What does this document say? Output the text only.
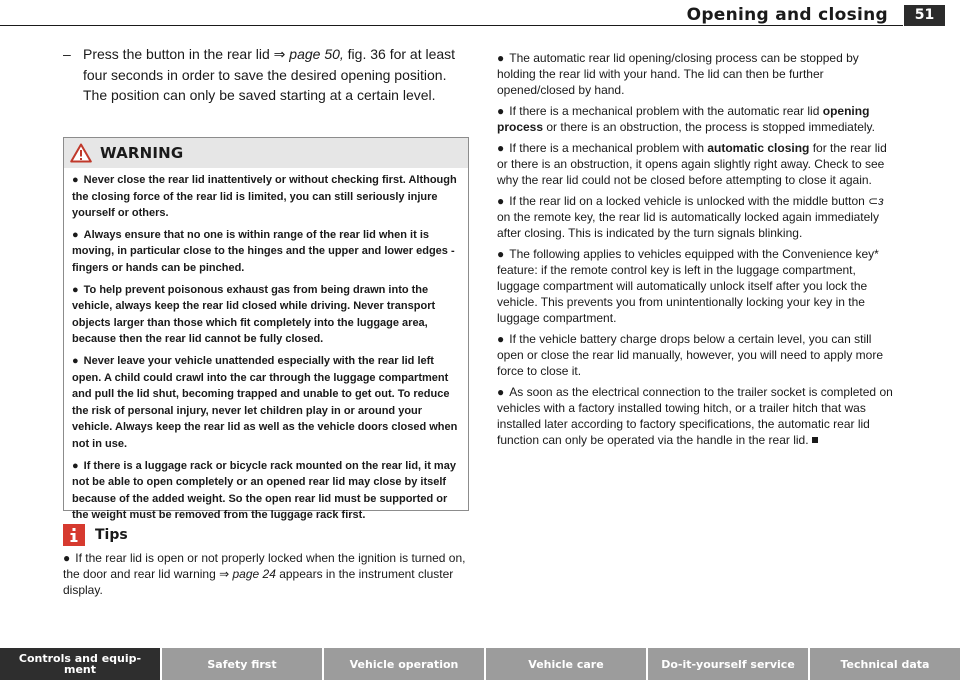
Opening and closing	51
– Press the button in the rear lid ⇒ page 50, fig. 36 for at least four seconds in order to save the desired opening position. The position can only be saved starting at a certain level.
WARNING
● Never close the rear lid inattentively or without checking first. Although the closing force of the rear lid is limited, you can still seriously injure yourself or others.
● Always ensure that no one is within range of the rear lid when it is moving, in particular close to the hinges and the upper and lower edges - fingers or hands can be pinched.
● To help prevent poisonous exhaust gas from being drawn into the vehicle, always keep the rear lid closed while driving. Never transport objects larger than those which fit completely into the luggage area, because then the rear lid cannot be fully closed.
● Never leave your vehicle unattended especially with the rear lid left open. A child could crawl into the car through the luggage compartment and pull the lid shut, becoming trapped and unable to get out. To reduce the risk of personal injury, never let children play in or around your vehicle. Always keep the rear lid as well as the vehicle doors closed when not in use.
● If there is a luggage rack or bicycle rack mounted on the rear lid, it may not be able to open completely or an opened rear lid may close by itself because of the added weight. So the open rear lid must be supported or the weight must be removed from the luggage rack first.
Tips
● If the rear lid is open or not properly locked when the ignition is turned on, the door and rear lid warning ⇒ page 24 appears in the instrument cluster display.
● The automatic rear lid opening/closing process can be stopped by holding the rear lid with your hand. The lid can then be further opened/closed by hand.
● If there is a mechanical problem with the automatic rear lid opening process or there is an obstruction, the process is stopped immediately.
● If there is a mechanical problem with automatic closing for the rear lid or there is an obstruction, it opens again slightly right away. Check to see why the rear lid could not be closed before attempting to close it again.
● If the rear lid on a locked vehicle is unlocked with the middle button ⊂ɜ on the remote key, the rear lid is automatically locked again immediately after closing. This is indicated by the turn signals blinking.
● The following applies to vehicles equipped with the Convenience key* feature: if the remote control key is left in the luggage compartment, luggage compartment will automatically unlock itself after you lock the vehicle. This prevents you from unintentionally locking your key in the luggage compartment.
● If the vehicle battery charge drops below a certain level, you can still open or close the rear lid manually, however, you will need to apply more force to close it.
● As soon as the electrical connection to the trailer socket is completed on vehicles with a factory installed towing hitch, or a trailer hitch that was installed later according to factory specifications, the automatic rear lid function can only be operated via the handle in the rear lid.
Controls and equip-
ment	Safety first	Vehicle operation	Vehicle care	Do-it-yourself service	Technical data
